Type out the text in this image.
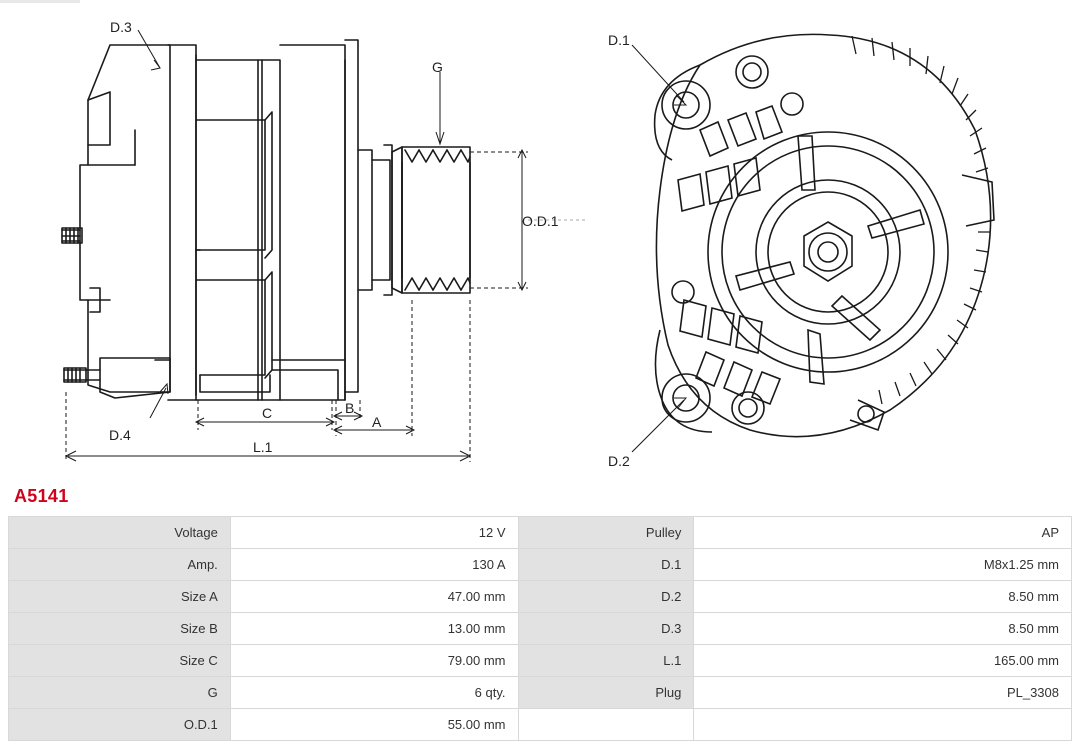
D.3
G
O.D.1
C	B
A
L.1
D.4
D.1
D.2
A5141
Voltage	12 V	Pulley	AP
Amp.	130 A	D.1	M8x1.25 mm
Size A	47.00 mm	D.2	8.50 mm
Size B	13.00 mm	D.3	8.50 mm
Size C	79.00 mm	L.1	165.00 mm
G	6 qty.	Plug	PL_3308
O.D.1	55.00 mm		
